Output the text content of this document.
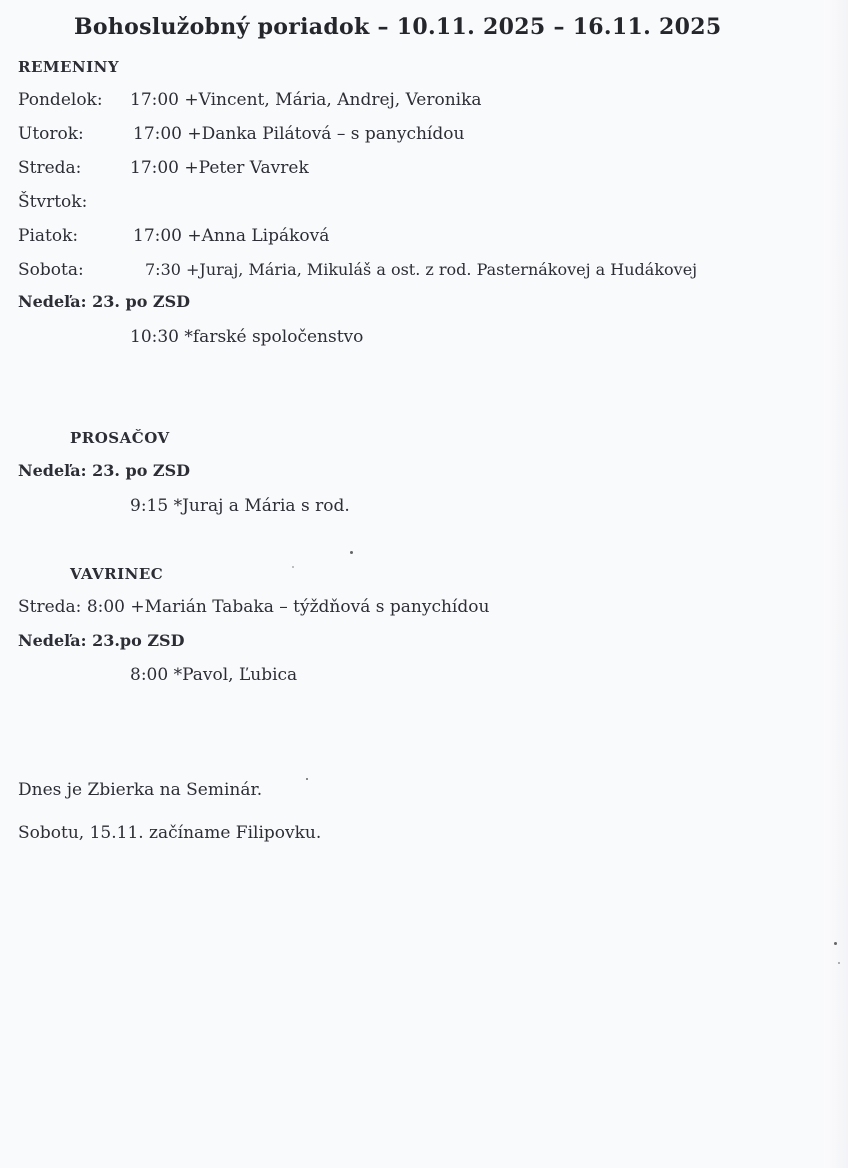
Bohoslužobný poriadok – 10.11. 2025 – 16.11. 2025
REMENINY
Pondelok: 17:00 +Vincent, Mária, Andrej, Veronika
Utorok:	17:00 +Danka Pilátová – s panychídou
Streda:	17:00 +Peter Vavrek
Štvrtok:
Piatok:	17:00 +Anna Lipáková
Sobota:	7:30 +Juraj, Mária, Mikuláš a ost. z rod. Pasternákovej a Hudákovej
Nedeľa: 23. po ZSD
10:30 *farské spoločenstvo
PROSAČOV
Nedeľa: 23. po ZSD
9:15 *Juraj a Mária s rod.
VAVRINEC
Streda: 8:00 +Marián Tabaka – týždňová s panychídou
Nedeľa: 23.po ZSD
8:00 *Pavol, Ľubica
Dnes je Zbierka na Seminár.
Sobotu, 15.11. začíname Filipovku.
